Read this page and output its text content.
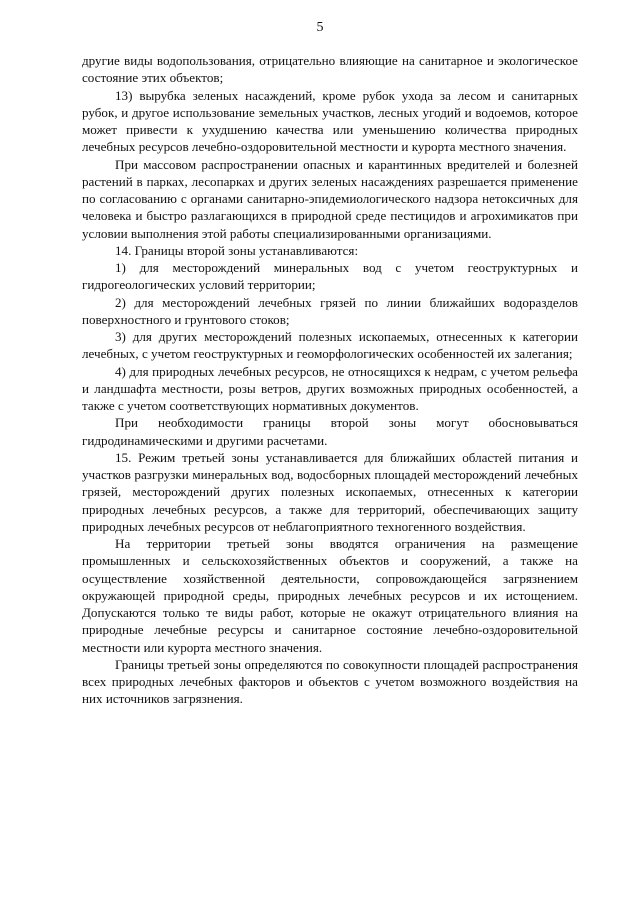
5

другие виды водопользования, отрицательно влияющие на санитарное и экологическое состояние этих объектов;

13) вырубка зеленых насаждений, кроме рубок ухода за лесом и санитарных рубок, и другое использование земельных участков, лесных угодий и водоемов, которое может привести к ухудшению качества или уменьшению количества природных лечебных ресурсов лечебно-оздоровительной местности и курорта местного значения.

При массовом распространении опасных и карантинных вредителей и болезней растений в парках, лесопарках и других зеленых насаждениях разрешается применение по согласованию с органами санитарно-эпидемиологического надзора нетоксичных для человека и быстро разлагающихся в природной среде пестицидов и агрохимикатов при условии выполнения этой работы специализированными организациями.

14. Границы второй зоны устанавливаются:

1) для месторождений минеральных вод с учетом геоструктурных и гидрогеологических условий территории;

2) для месторождений лечебных грязей по линии ближайших водоразделов поверхностного и грунтового стоков;

3) для других месторождений полезных ископаемых, отнесенных к категории лечебных, с учетом геоструктурных и геоморфологических особенностей их залегания;

4) для природных лечебных ресурсов, не относящихся к недрам, с учетом рельефа и ландшафта местности, розы ветров, других возможных природных особенностей, а также с учетом соответствующих нормативных документов.

При необходимости границы второй зоны могут обосновываться гидродинамическими и другими расчетами.

15. Режим третьей зоны устанавливается для ближайших областей питания и участков разгрузки минеральных вод, водосборных площадей месторождений лечебных грязей, месторождений других полезных ископаемых, отнесенных к категории природных лечебных ресурсов, а также для территорий, обеспечивающих защиту природных лечебных ресурсов от неблагоприятного техногенного воздействия.

На территории третьей зоны вводятся ограничения на размещение промышленных и сельскохозяйственных объектов и сооружений, а также на осуществление хозяйственной деятельности, сопровождающейся загрязнением окружающей природной среды, природных лечебных ресурсов и их истощением. Допускаются только те виды работ, которые не окажут отрицательного влияния на природные лечебные ресурсы и санитарное состояние лечебно-оздоровительной местности или курорта местного значения.

Границы третьей зоны определяются по совокупности площадей распространения всех природных лечебных факторов и объектов с учетом возможного воздействия на них источников загрязнения.
